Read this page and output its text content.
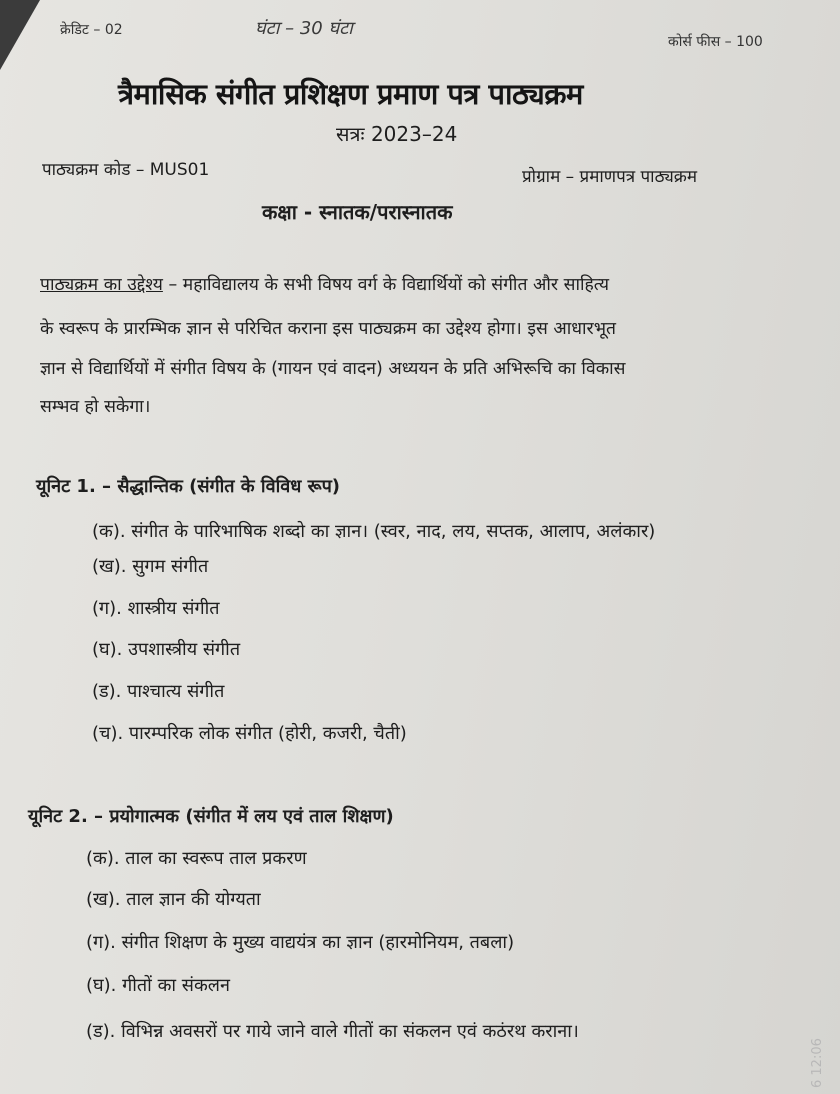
क्रेडिट – 02	घंटा – 30 घंटा
कोर्स फीस – 100
त्रैमासिक संगीत प्रशिक्षण प्रमाण पत्र पाठ्यक्रम
सत्रः 2023–24
पाठ्यक्रम कोड – MUS01	प्रोग्राम – प्रमाणपत्र पाठ्यक्रम
कक्षा - स्नातक/परास्नातक
पाठ्यक्रम का उद्देश्य – महाविद्यालय के सभी विषय वर्ग के विद्यार्थियों को संगीत और साहित्य
के स्वरूप के प्रारम्भिक ज्ञान से परिचित कराना इस पाठ्यक्रम का उद्देश्य होगा। इस आधारभूत
ज्ञान से विद्यार्थियों में संगीत विषय के (गायन एवं वादन) अध्ययन के प्रति अभिरूचि का विकास
सम्भव हो सकेगा।
यूनिट 1. – सैद्धान्तिक (संगीत के विविध रूप)
(क). संगीत के पारिभाषिक शब्दो का ज्ञान। (स्वर, नाद, लय, सप्तक, आलाप, अलंकार)
(ख). सुगम संगीत
(ग). शास्त्रीय संगीत
(घ). उपशास्त्रीय संगीत
(ड). पाश्चात्य संगीत
(च). पारम्परिक लोक संगीत (होरी, कजरी, चैती)
यूनिट 2. – प्रयोगात्मक (संगीत में लय एवं ताल शिक्षण)
(क). ताल का स्वरूप ताल प्रकरण
(ख). ताल ज्ञान की योग्यता
(ग). संगीत शिक्षण के मुख्य वाद्ययंत्र का ज्ञान (हारमोनियम, तबला)
(घ). गीतों का संकलन
(ड). विभिन्न अवसरों पर गाये जाने वाले गीतों का संकलन एवं कठंरथ कराना।
6 12:06
